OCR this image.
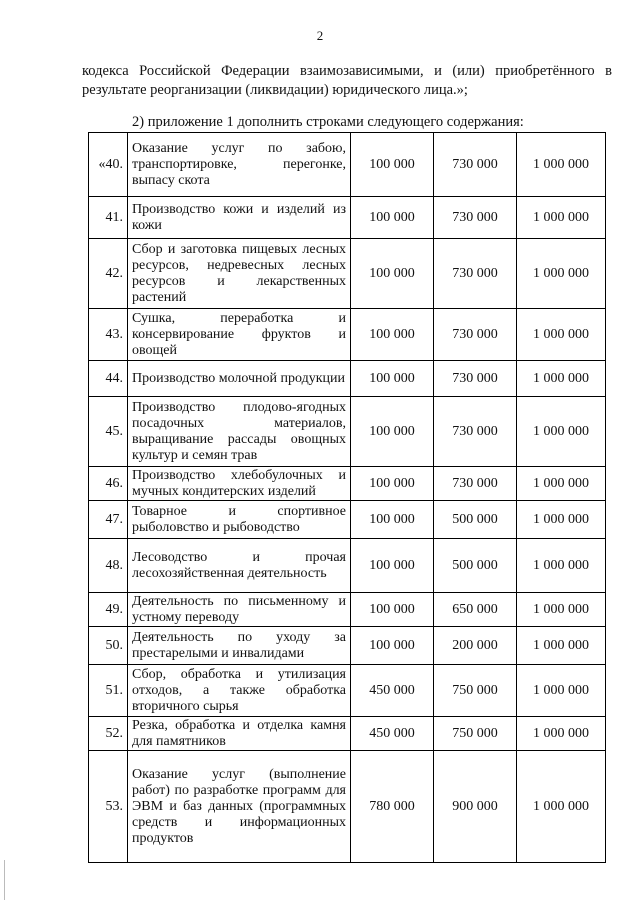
2

кодекса Российской Федерации взаимозависимыми, и (или) приобретённого в результате реорганизации (ликвидации) юридического лица.»;

2) приложение 1 дополнить строками следующего содержания:
«40.	Оказание услуг по забою, транспортировке, перегонке, выпасу скота	100 000	730 000	1 000 000
41.	Производство кожи и изделий из кожи	100 000	730 000	1 000 000
42.	Сбор и заготовка пищевых лесных ресурсов, недревесных лесных ресурсов и лекарственных растений	100 000	730 000	1 000 000
43.	Сушка, переработка и консервирование фруктов и овощей	100 000	730 000	1 000 000
44.	Производство молочной продукции	100 000	730 000	1 000 000
45.	Производство плодово-ягодных посадочных материалов, выращивание рассады овощных культур и семян трав	100 000	730 000	1 000 000
46.	Производство хлебобулочных и мучных кондитерских изделий	100 000	730 000	1 000 000
47.	Товарное и спортивное рыболовство и рыбоводство	100 000	500 000	1 000 000
48.	Лесоводство и прочая лесохозяйственная деятельность	100 000	500 000	1 000 000
49.	Деятельность по письменному и устному переводу	100 000	650 000	1 000 000
50.	Деятельность по уходу за престарелыми и инвалидами	100 000	200 000	1 000 000
51.	Сбор, обработка и утилизация отходов, а также обработка вторичного сырья	450 000	750 000	1 000 000
52.	Резка, обработка и отделка камня для памятников	450 000	750 000	1 000 000
53.	Оказание услуг (выполнение работ) по разработке программ для ЭВМ и баз данных (программных средств и информационных продуктов	780 000	900 000	1 000 000
